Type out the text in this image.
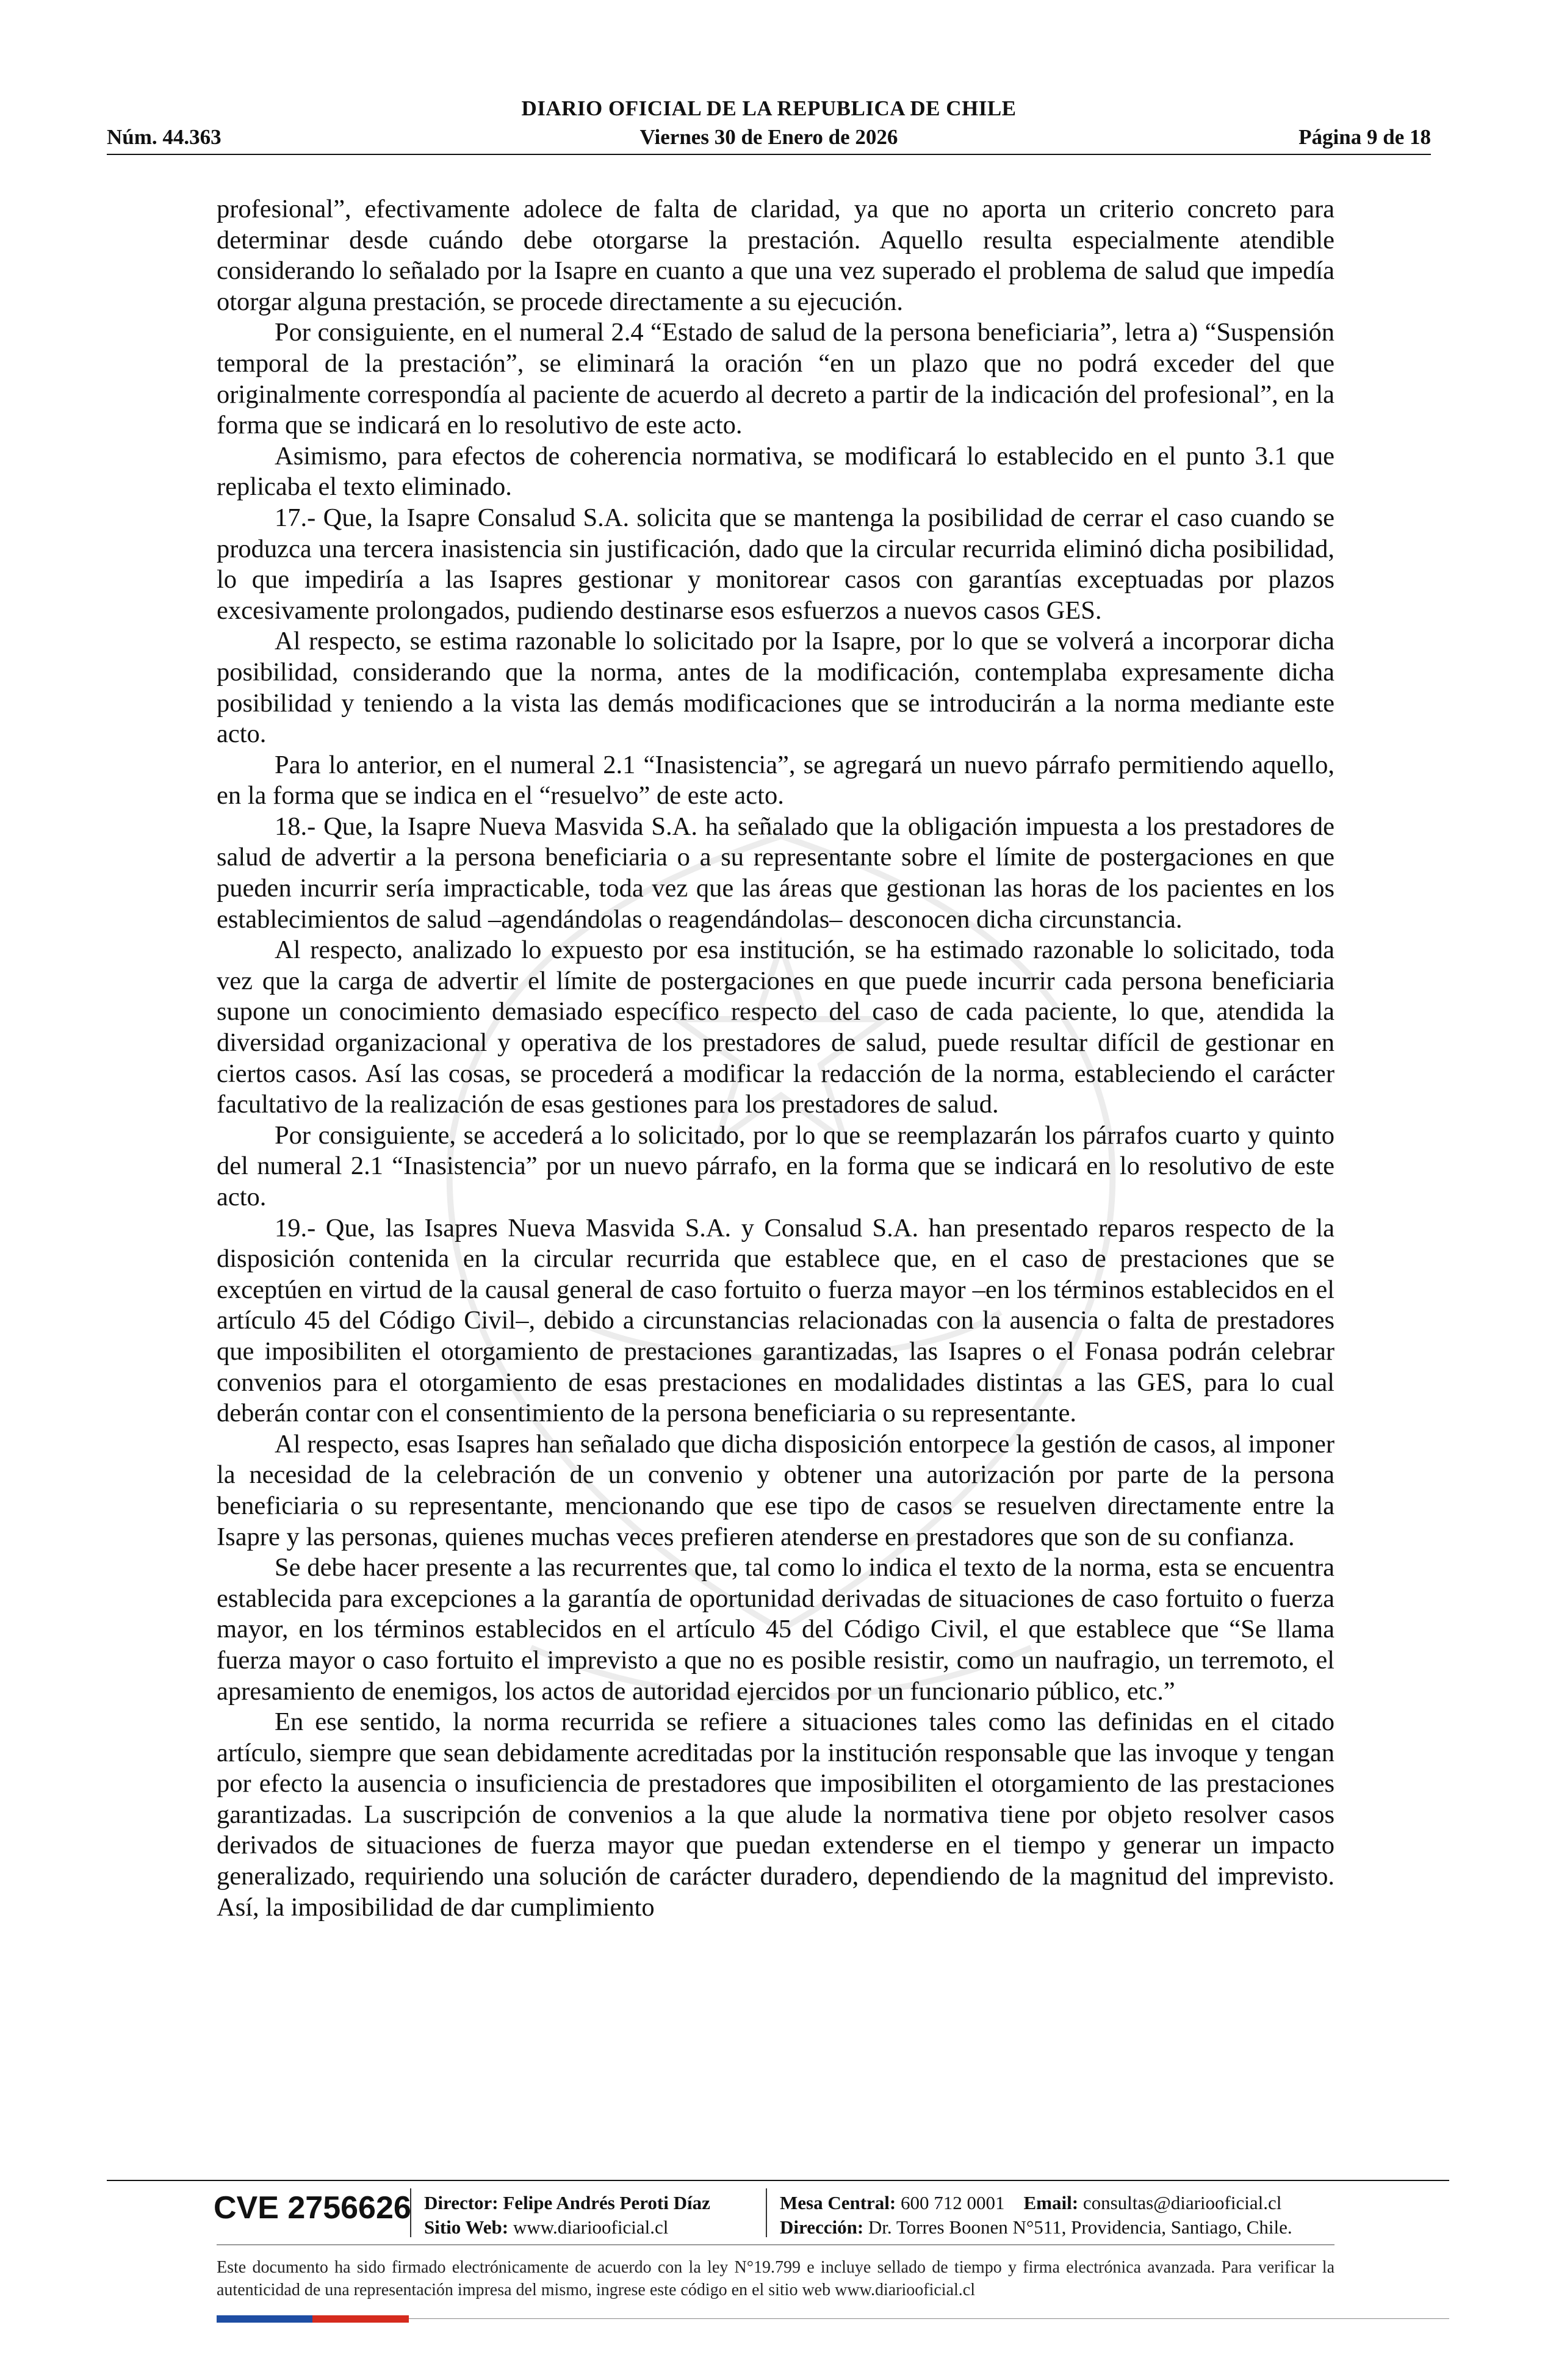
DIARIO OFICIAL DE LA REPUBLICA DE CHILE
Núm. 44.363	Viernes 30 de Enero de 2026	Página 9 de 18

profesional”, efectivamente adolece de falta de claridad, ya que no aporta un criterio concreto para determinar desde cuándo debe otorgarse la prestación. Aquello resulta especialmente atendible considerando lo señalado por la Isapre en cuanto a que una vez superado el problema de salud que impedía otorgar alguna prestación, se procede directamente a su ejecución.

Por consiguiente, en el numeral 2.4 “Estado de salud de la persona beneficiaria”, letra a) “Suspensión temporal de la prestación”, se eliminará la oración “en un plazo que no podrá exceder del que originalmente correspondía al paciente de acuerdo al decreto a partir de la indicación del profesional”, en la forma que se indicará en lo resolutivo de este acto.

Asimismo, para efectos de coherencia normativa, se modificará lo establecido en el punto 3.1 que replicaba el texto eliminado.

17.- Que, la Isapre Consalud S.A. solicita que se mantenga la posibilidad de cerrar el caso cuando se produzca una tercera inasistencia sin justificación, dado que la circular recurrida eliminó dicha posibilidad, lo que impediría a las Isapres gestionar y monitorear casos con garantías exceptuadas por plazos excesivamente prolongados, pudiendo destinarse esos esfuerzos a nuevos casos GES.

Al respecto, se estima razonable lo solicitado por la Isapre, por lo que se volverá a incorporar dicha posibilidad, considerando que la norma, antes de la modificación, contemplaba expresamente dicha posibilidad y teniendo a la vista las demás modificaciones que se introducirán a la norma mediante este acto.

Para lo anterior, en el numeral 2.1 “Inasistencia”, se agregará un nuevo párrafo permitiendo aquello, en la forma que se indica en el “resuelvo” de este acto.

18.- Que, la Isapre Nueva Masvida S.A. ha señalado que la obligación impuesta a los prestadores de salud de advertir a la persona beneficiaria o a su representante sobre el límite de postergaciones en que pueden incurrir sería impracticable, toda vez que las áreas que gestionan las horas de los pacientes en los establecimientos de salud –agendándolas o reagendándolas– desconocen dicha circunstancia.

Al respecto, analizado lo expuesto por esa institución, se ha estimado razonable lo solicitado, toda vez que la carga de advertir el límite de postergaciones en que puede incurrir cada persona beneficiaria supone un conocimiento demasiado específico respecto del caso de cada paciente, lo que, atendida la diversidad organizacional y operativa de los prestadores de salud, puede resultar difícil de gestionar en ciertos casos. Así las cosas, se procederá a modificar la redacción de la norma, estableciendo el carácter facultativo de la realización de esas gestiones para los prestadores de salud.

Por consiguiente, se accederá a lo solicitado, por lo que se reemplazarán los párrafos cuarto y quinto del numeral 2.1 “Inasistencia” por un nuevo párrafo, en la forma que se indicará en lo resolutivo de este acto.

19.- Que, las Isapres Nueva Masvida S.A. y Consalud S.A. han presentado reparos respecto de la disposición contenida en la circular recurrida que establece que, en el caso de prestaciones que se exceptúen en virtud de la causal general de caso fortuito o fuerza mayor –en los términos establecidos en el artículo 45 del Código Civil–, debido a circunstancias relacionadas con la ausencia o falta de prestadores que imposibiliten el otorgamiento de prestaciones garantizadas, las Isapres o el Fonasa podrán celebrar convenios para el otorgamiento de esas prestaciones en modalidades distintas a las GES, para lo cual deberán contar con el consentimiento de la persona beneficiaria o su representante.

Al respecto, esas Isapres han señalado que dicha disposición entorpece la gestión de casos, al imponer la necesidad de la celebración de un convenio y obtener una autorización por parte de la persona beneficiaria o su representante, mencionando que ese tipo de casos se resuelven directamente entre la Isapre y las personas, quienes muchas veces prefieren atenderse en prestadores que son de su confianza.

Se debe hacer presente a las recurrentes que, tal como lo indica el texto de la norma, esta se encuentra establecida para excepciones a la garantía de oportunidad derivadas de situaciones de caso fortuito o fuerza mayor, en los términos establecidos en el artículo 45 del Código Civil, el que establece que “Se llama fuerza mayor o caso fortuito el imprevisto a que no es posible resistir, como un naufragio, un terremoto, el apresamiento de enemigos, los actos de autoridad ejercidos por un funcionario público, etc.”

En ese sentido, la norma recurrida se refiere a situaciones tales como las definidas en el citado artículo, siempre que sean debidamente acreditadas por la institución responsable que las invoque y tengan por efecto la ausencia o insuficiencia de prestadores que imposibiliten el otorgamiento de las prestaciones garantizadas. La suscripción de convenios a la que alude la normativa tiene por objeto resolver casos derivados de situaciones de fuerza mayor que puedan extenderse en el tiempo y generar un impacto generalizado, requiriendo una solución de carácter duradero, dependiendo de la magnitud del imprevisto. Así, la imposibilidad de dar cumplimiento

CVE 2756626 Director: Felipe Andrés Peroti Díaz
Sitio Web: www.diariooficial.cl
Mesa Central: 600 712 0001 Email: consultas@diariooficial.cl
Dirección: Dr. Torres Boonen N°511, Providencia, Santiago, Chile.
Este documento ha sido firmado electrónicamente de acuerdo con la ley N°19.799 e incluye sellado de tiempo y firma electrónica avanzada. Para verificar la autenticidad de una representación impresa del mismo, ingrese este código en el sitio web www.diariooficial.cl
